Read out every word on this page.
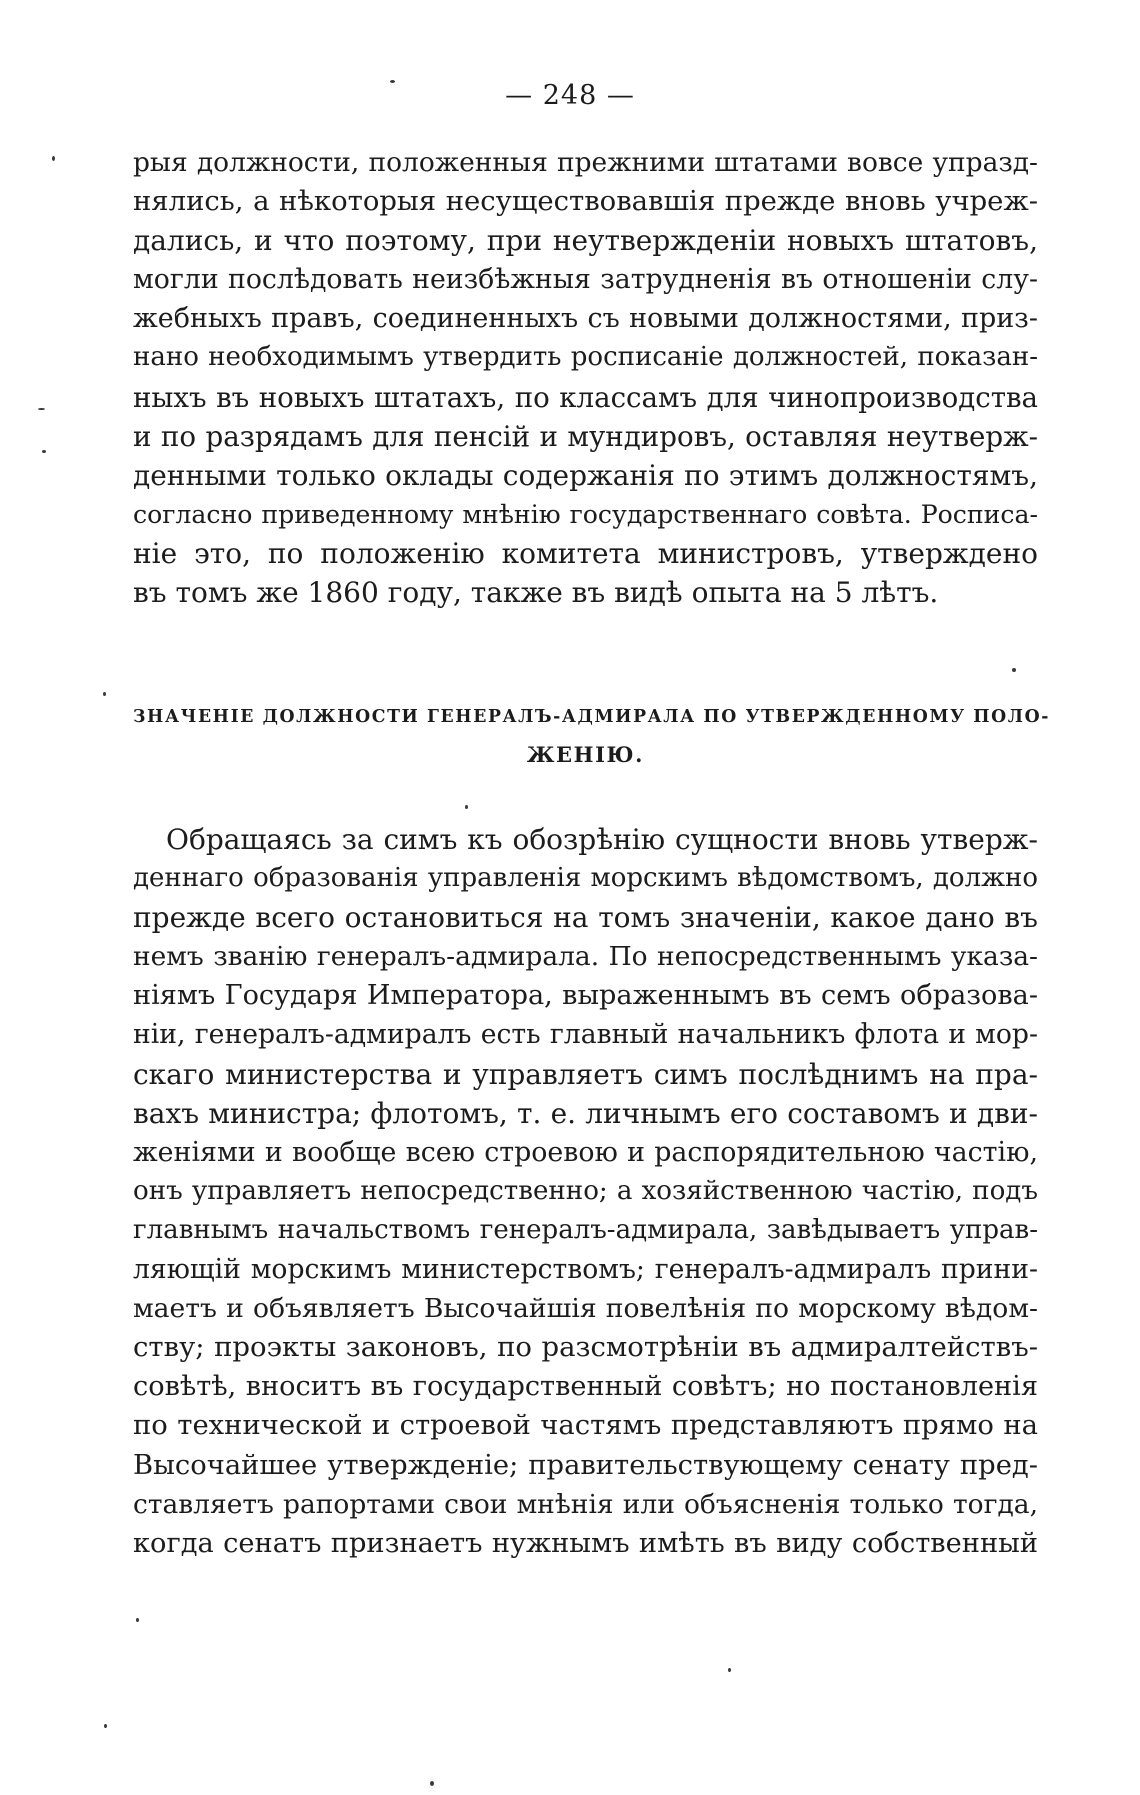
— 248 —
рыя должности, положенныя прежними штатами вовсе упразд-
нялись, а нѣкоторыя несуществовавшія прежде вновь учреж-
дались, и что поэтому, при неутвержденіи новыхъ штатовъ,
могли послѣдовать неизбѣжныя затрудненія въ отношеніи слу-
жебныхъ правъ, соединенныхъ съ новыми должностями, приз-
нано необходимымъ утвердить росписаніе должностей, показан-
ныхъ въ новыхъ штатахъ, по классамъ для чинопроизводства
и по разрядамъ для пенсій и мундировъ, оставляя неутверж-
денными только оклады содержанія по этимъ должностямъ,
согласно приведенному мнѣнію государственнаго совѣта. Росписа-
ніе это, по положенію комитета министровъ, утверждено
въ томъ же 1860 году, также въ видѣ опыта на 5 лѣтъ.
ЗНАЧЕНІЕ ДОЛЖНОСТИ ГЕНЕРАЛЪ-АДМИРАЛА ПО УТВЕРЖДЕННОМУ ПОЛО-
ЖЕНІЮ.
Обращаясь за симъ къ обозрѣнію сущности вновь утверж-
деннаго образованія управленія морскимъ вѣдомствомъ, должно
прежде всего остановиться на томъ значеніи, какое дано въ
немъ званію генералъ-адмирала. По непосредственнымъ указа-
ніямъ Государя Императора, выраженнымъ въ семъ образова-
ніи, генералъ-адмиралъ есть главный начальникъ флота и мор-
скаго министерства и управляетъ симъ послѣднимъ на пра-
вахъ министра; флотомъ, т. е. личнымъ его составомъ и дви-
женіями и вообще всею строевою и распорядительною частію,
онъ управляетъ непосредственно; а хозяйственною частію, подъ
главнымъ начальствомъ генералъ-адмирала, завѣдываетъ управ-
ляющій морскимъ министерствомъ; генералъ-адмиралъ прини-
маетъ и объявляетъ Высочайшія повелѣнія по морскому вѣдом-
ству; проэкты законовъ, по разсмотрѣніи въ адмиралтействъ-
совѣтѣ, вноситъ въ государственный совѣтъ; но постановленія
по технической и строевой частямъ представляютъ прямо на
Высочайшее утвержденіе; правительствующему сенату пред-
ставляетъ рапортами свои мнѣнія или объясненія только тогда,
когда сенатъ признаетъ нужнымъ имѣть въ виду собственный
